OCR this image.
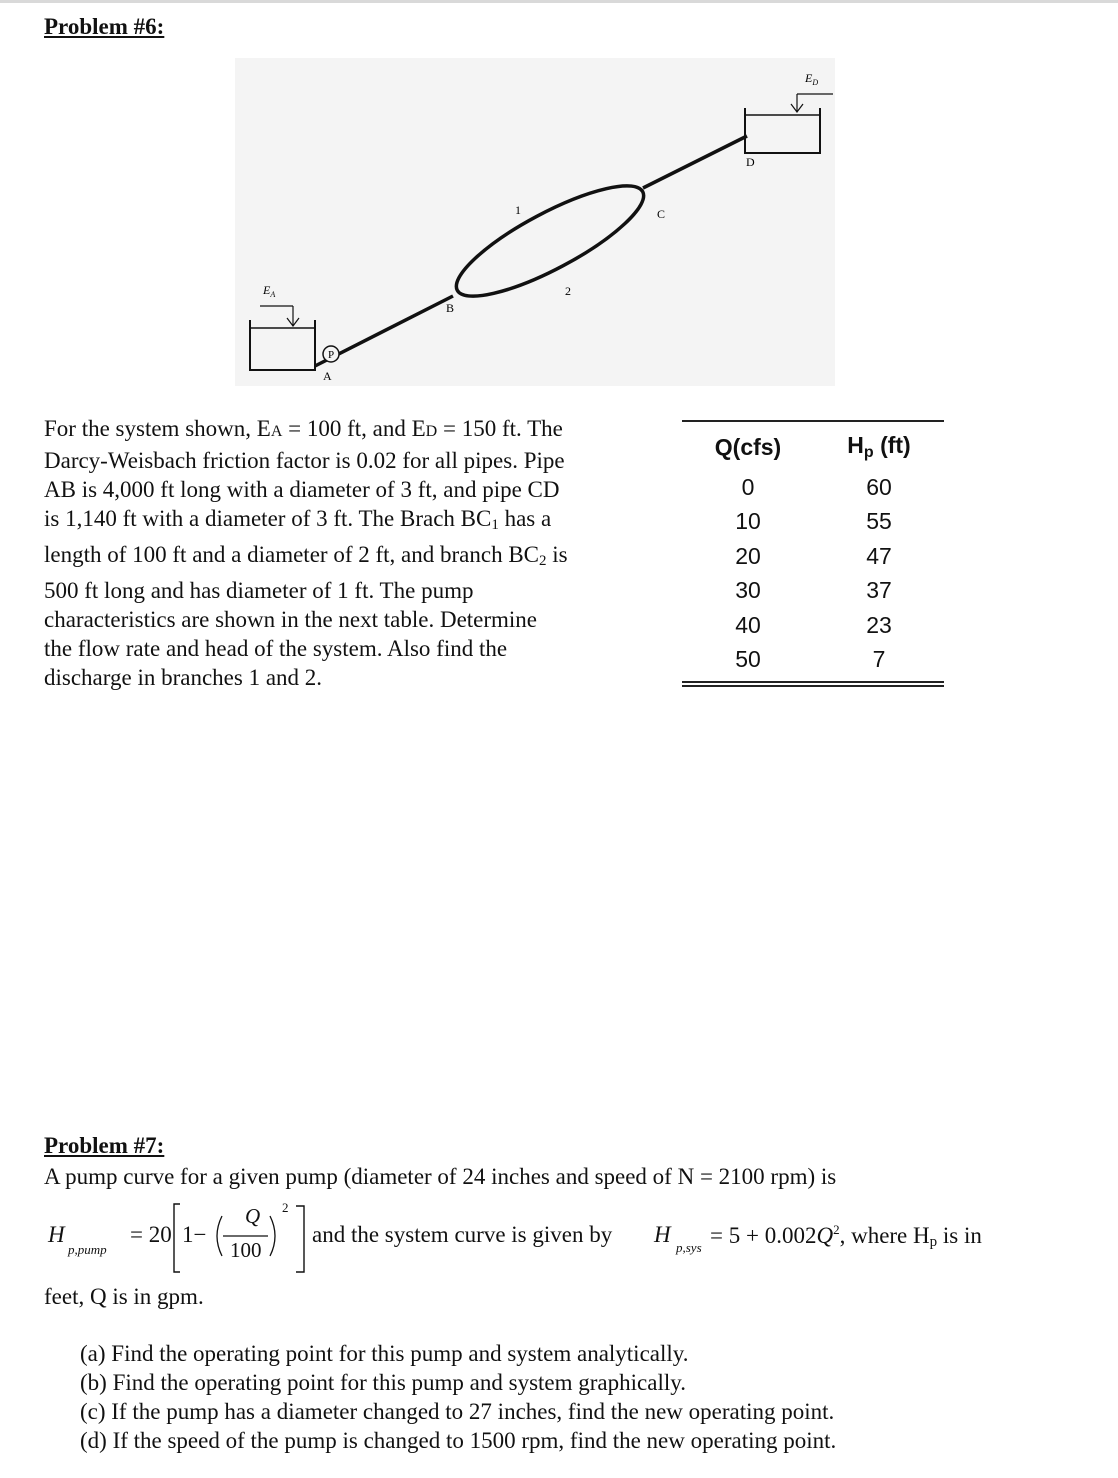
Problem #6:
$E_A$
$E_D$
P
A
B
C
D
1
2
For the system shown, EA = 100 ft, and ED = 150 ft. The
Darcy-Weisbach friction factor is 0.02 for all pipes. Pipe
AB is 4,000 ft long with a diameter of 3 ft, and pipe CD
is 1,140 ft with a diameter of 3 ft. The Brach $BC_1$ has a
length of 100 ft and a diameter of 2 ft, and branch $BC_2$ is
500 ft long and has diameter of 1 ft. The pump
characteristics are shown in the next table. Determine
the flow rate and head of the system. Also find the
discharge in branches 1 and 2.
Q(cfs)	Hp (ft)
0	60
10	55
20	47
30	37
40	23
50	7
Problem #7:
A pump curve for a given pump (diameter of 24 inches and speed of N = 2100 rpm) is
H
p,pump
= 20 1−
Q
100
2
and the system curve is given by H
$p,sys = 5 + 0.002Q^2$, where $H_p$ is in
feet, Q is in gpm.
(a) Find the operating point for this pump and system analytically.
(b) Find the operating point for this pump and system graphically.
(c) If the pump has a diameter changed to 27 inches, find the new operating point.
(d) If the speed of the pump is changed to 1500 rpm, find the new operating point.
